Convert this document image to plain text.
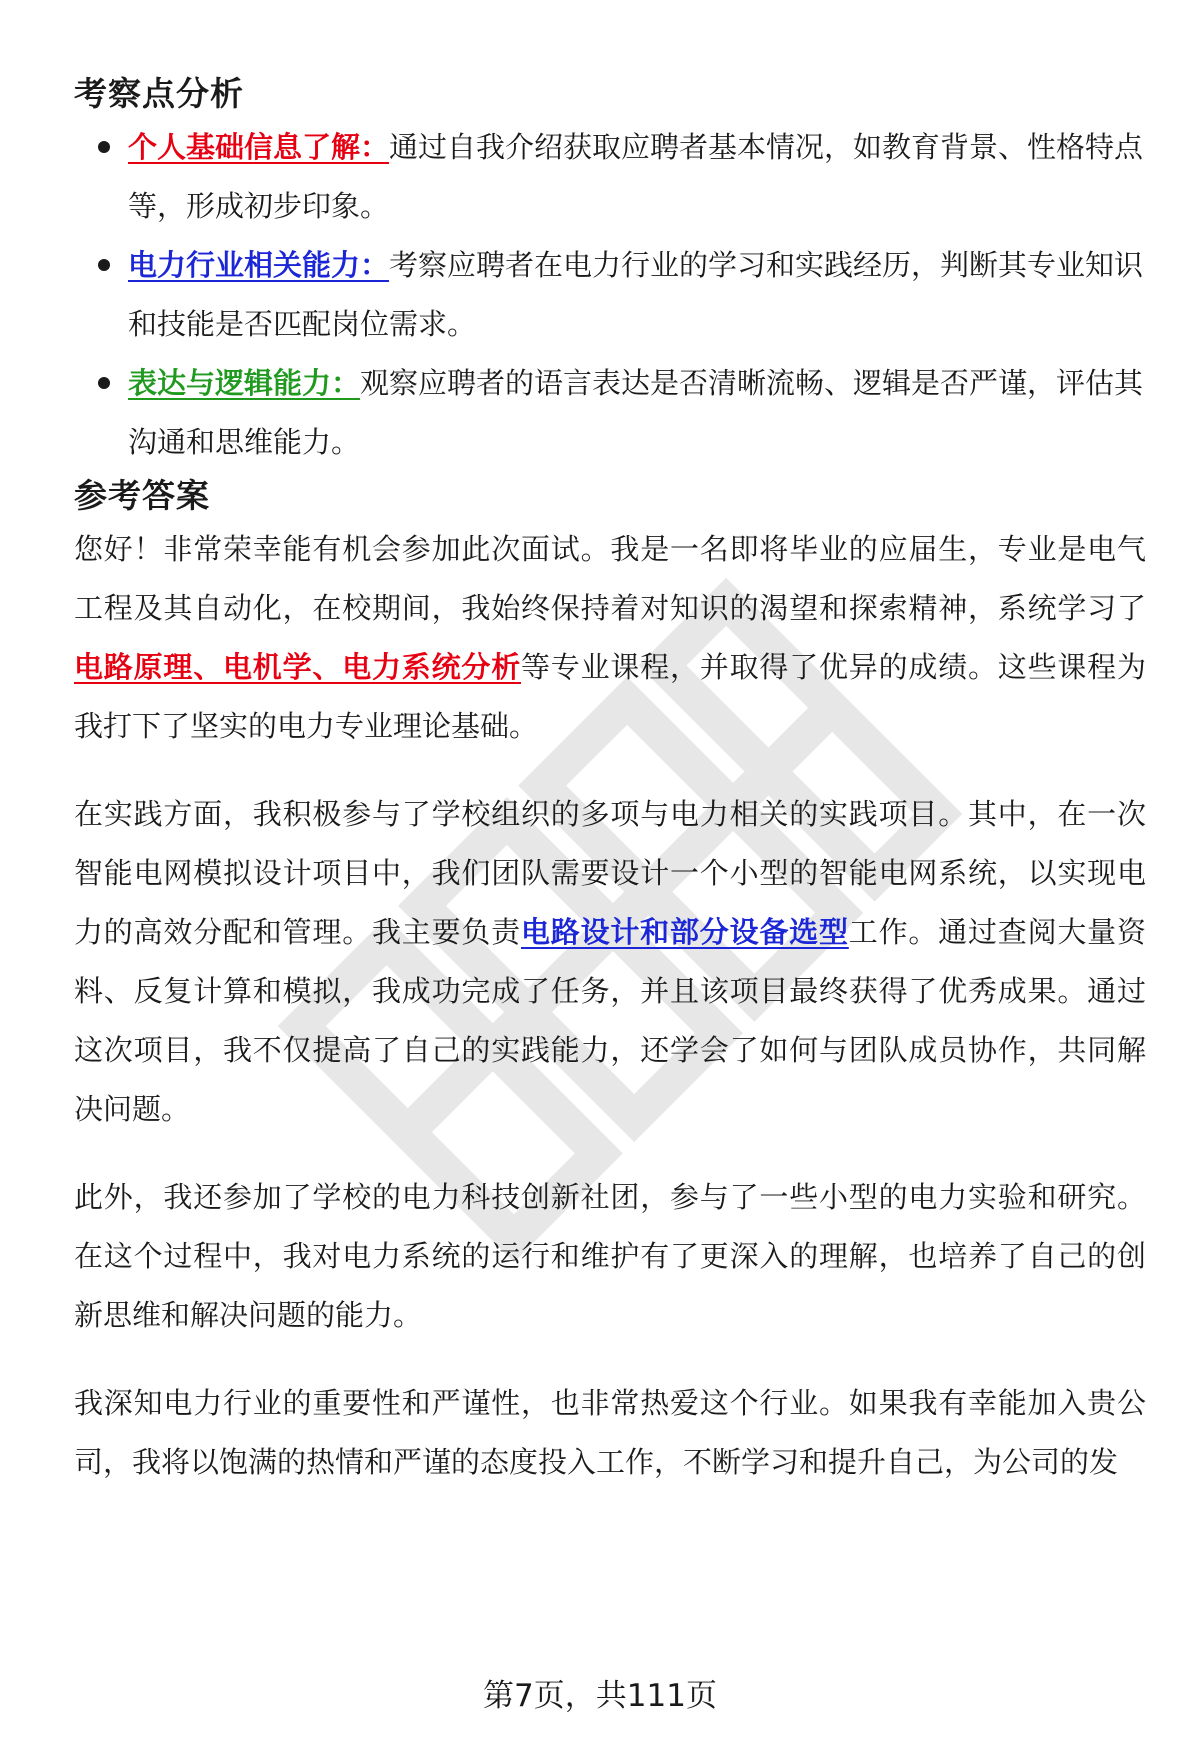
考察点分析
个人基础信息了解：通过自我介绍获取应聘者基本情况，如教育背景、性格特点等，形成初步印象。
电力行业相关能力：考察应聘者在电力行业的学习和实践经历，判断其专业知识和技能是否匹配岗位需求。
表达与逻辑能力：观察应聘者的语言表达是否清晰流畅、逻辑是否严谨，评估其沟通和思维能力。
参考答案

您好！非常荣幸能有机会参加此次面试。我是一名即将毕业的应届生，专业是电气工程及其自动化，在校期间，我始终保持着对知识的渴望和探索精神，系统学习了电路原理、电机学、电力系统分析等专业课程，并取得了优异的成绩。这些课程为我打下了坚实的电力专业理论基础。

在实践方面，我积极参与了学校组织的多项与电力相关的实践项目。其中，在一次智能电网模拟设计项目中，我们团队需要设计一个小型的智能电网系统，以实现电力的高效分配和管理。我主要负责电路设计和部分设备选型工作。通过查阅大量资料、反复计算和模拟，我成功完成了任务，并且该项目最终获得了优秀成果。通过这次项目，我不仅提高了自己的实践能力，还学会了如何与团队成员协作，共同解决问题。

此外，我还参加了学校的电力科技创新社团，参与了一些小型的电力实验和研究。在这个过程中，我对电力系统的运行和维护有了更深入的理解，也培养了自己的创新思维和解决问题的能力。

我深知电力行业的重要性和严谨性，也非常热爱这个行业。如果我有幸能加入贵公司，我将以饱满的热情和严谨的态度投入工作，不断学习和提升自己，为公司的发

第7页，共111页
